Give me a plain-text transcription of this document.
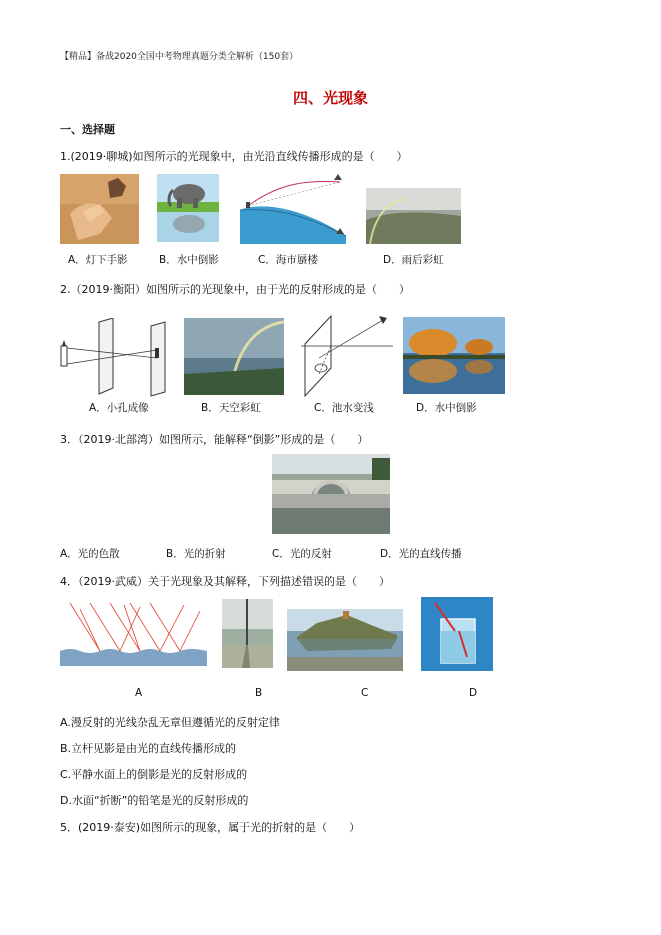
【精品】备战2020全国中考物理真题分类全解析（150套）
四、光现象
一、选择题
1.(2019·聊城)如图所示的光现象中，由光沿直线传播形成的是（　　）
A．灯下手影	B．水中倒影	C．海市蜃楼	D．雨后彩虹
2.（2019·衡阳）如图所示的光现象中，由于光的反射形成的是（　　）
A．小孔成像	B．天空彩虹	C．池水变浅	D．水中倒影
3．（2019·北部湾）如图所示，能解释“倒影”形成的是（　　）
A．光的色散	B．光的折射	C．光的反射	D．光的直线传播
4．（2019·武威）关于光现象及其解释，下列描述错误的是（　　）
A	B	C	D
A.漫反射的光线杂乱无章但遵循光的反射定律
B.立杆见影是由光的直线传播形成的
C.平静水面上的倒影是光的反射形成的
D.水面“折断”的铅笔是光的反射形成的
5．(2019·泰安)如图所示的现象，属于光的折射的是（　　）
